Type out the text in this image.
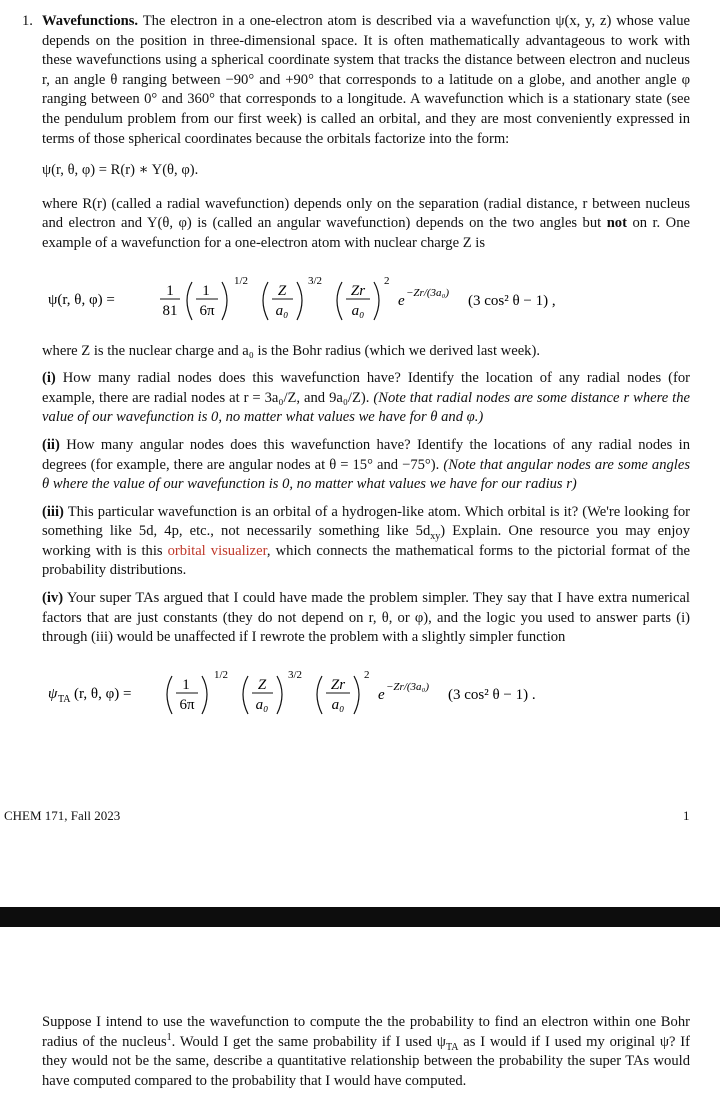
1. Wavefunctions. The electron in a one-electron atom is described via a wavefunction ψ(x, y, z) whose value depends on the position in three-dimensional space. It is often mathematically advantageous to work with these wavefunctions using a spherical coordinate system that tracks the distance between electron and nucleus r, an angle θ ranging between −90° and +90° that corresponds to a latitude on a globe, and another angle φ ranging between 0° and 360° that corresponds to a longitude. A wavefunction which is a stationary state (see the pendulum problem from our first week) is called an orbital, and they are most conveniently expressed in terms of those spherical coordinates because the orbitals factorize into the form:

ψ(r, θ, φ) = R(r) ∗ Y(θ, φ).

where R(r) (called a radial wavefunction) depends only on the separation (radial distance, r between nucleus and electron and Y(θ, φ) is (called an angular wavefunction) depends on the two angles but not on r. One example of a wavefunction for a one-electron atom with nuclear charge Z is

ψ(r, θ, φ) =
1
81
1
6π
1/2
Z
a₀
3/2
Zr
a₀
2
e −Zr/(3a₀) (3 cos² θ − 1) ,

where Z is the nuclear charge and a₀ is the Bohr radius (which we derived last week).

(i) How many radial nodes does this wavefunction have? Identify the location of any radial nodes (for example, there are radial nodes at r = 3a₀/Z, and 9a₀/Z). (Note that radial nodes are some distance r where the value of our wavefunction is 0, no matter what values we have for θ and φ.)

(ii) How many angular nodes does this wavefunction have? Identify the locations of any radial nodes in degrees (for example, there are angular nodes at θ = 15° and −75°). (Note that angular nodes are some angles θ where the value of our wavefunction is 0, no matter what values we have for our radius r)

(iii) This particular wavefunction is an orbital of a hydrogen-like atom. Which orbital is it? (We're looking for something like 5d, 4p, etc., not necessarily something like $5d_{xy}$) Explain. One resource you may enjoy working with is this orbital visualizer, which connects the mathematical forms to the pictorial format of the probability distributions.

(iv) Your super TAs argued that I could have made the problem simpler. They say that I have extra numerical factors that are just constants (they do not depend on r, θ, or φ), and the logic you used to answer parts (i) through (iii) would be unaffected if I rewrote the problem with a slightly simpler function

ψ TA (r, θ, φ) =
1
6π
1/2
Z
a₀
3/2
Zr
a₀
2
e −Zr/(3a₀) (3 cos² θ − 1) .
CHEM 171, Fall 2023	1

Suppose I intend to use the wavefunction to compute the the probability to find an electron within one Bohr radius of the nucleus$^1$. Would I get the same probability if I used $\psi_{TA}$ as I would if I used my original ψ? If they would not be the same, describe a quantitative relationship between the probability the super TAs would have computed compared to the probability that I would have computed.
